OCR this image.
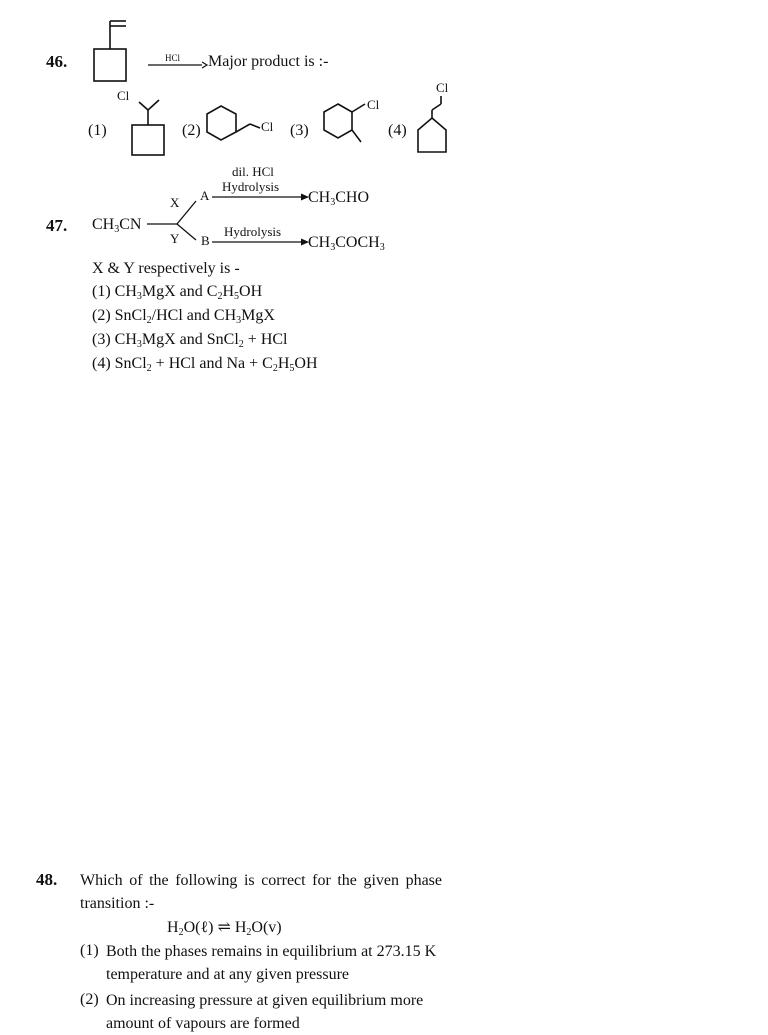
46.	HCl → Major product is :-
(1)
Cl
(2)	Cl (3)
Cl
(4)
Cl
47. $CH_3CN$
X
Y
A
B
dil. HCl
Hydrolysis
$CH_3CHO$
Hydrolysis
$CH_3COCH_3$
X & Y respectively is -
(1) $CH_3MgX$ and $C_2H_5OH$
(2) SnCl$_2$/HCl and $CH_3MgX$
(3) $CH_3MgX$ and SnCl$_2$ + HCl
(4) SnCl$_2$ + HCl and $Na + C_2H_5OH$
48. Which of the following is correct for the given phase transition :-
$H_2O(\ell)$ ⇌ $H_2O(v)$
(1) Both the phases remains in equilibrium at 273.15 K temperature and at any given pressure
(2) On increasing pressure at given equilibrium more amount of vapours are formed
